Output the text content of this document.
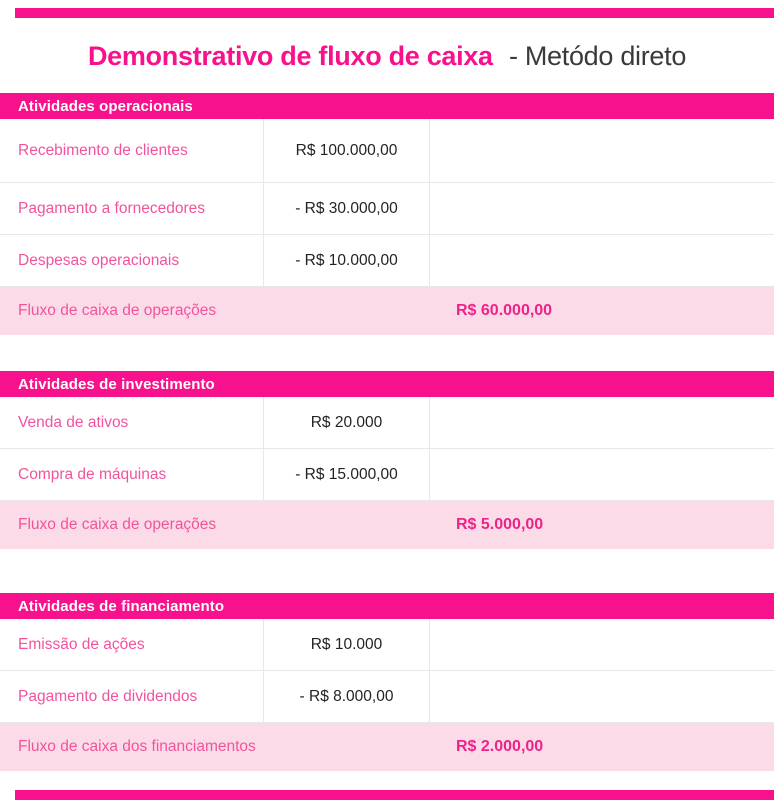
Demonstrativo de fluxo de caixa - Metódo direto
Atividades operacionais
Recebimento de clientes	R$ 100.000,00
Pagamento a fornecedores	- R$ 30.000,00
Despesas operacionais	- R$ 10.000,00
Fluxo de caixa de operações	R$ 60.000,00
Atividades de investimento
Venda de ativos	R$ 20.000
Compra de máquinas	- R$ 15.000,00
Fluxo de caixa de operações	R$ 5.000,00
Atividades de financiamento
Emissão de ações	R$ 10.000
Pagamento de dividendos	- R$ 8.000,00
Fluxo de caixa dos financiamentos	R$ 2.000,00
